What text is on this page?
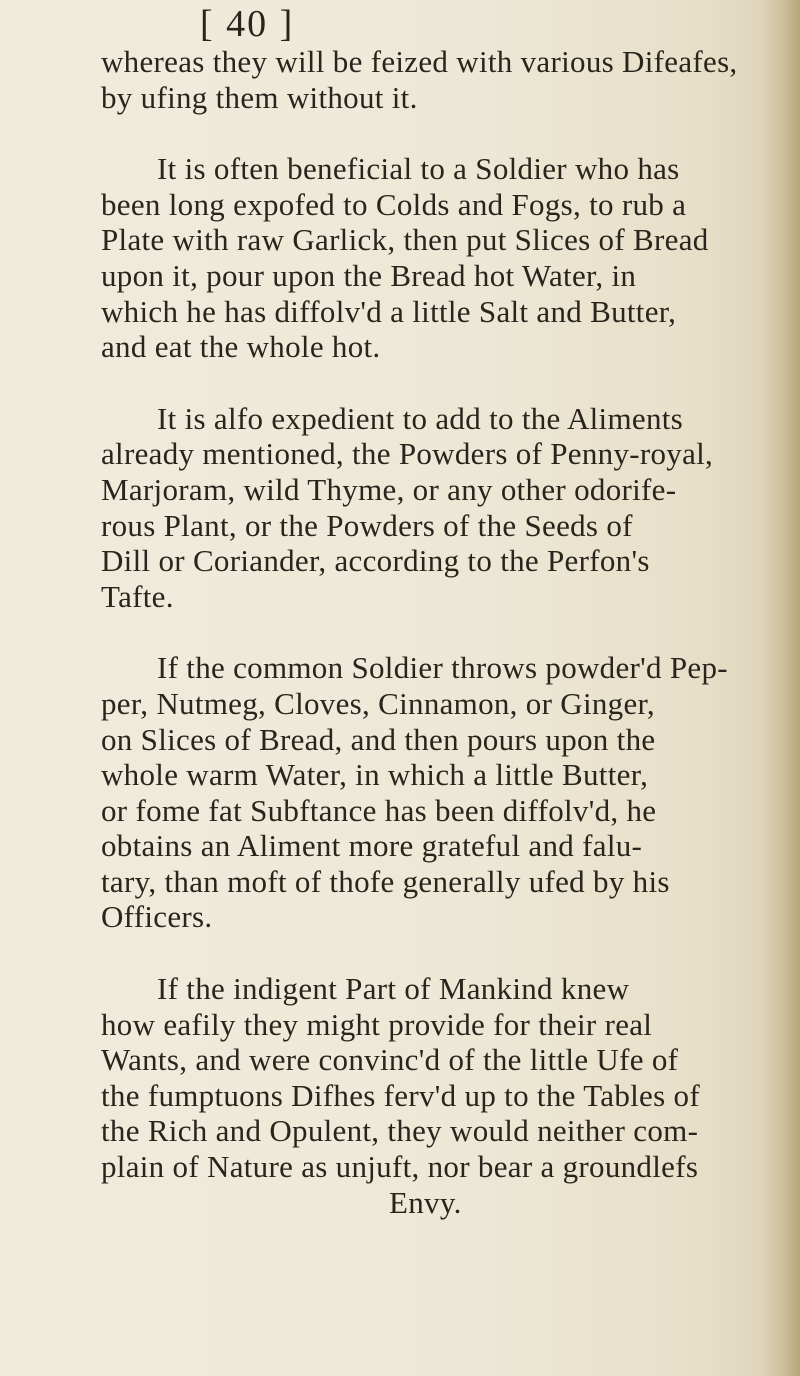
[ 40 ]

whereas they will be feized with various Difeafes,
by ufing them without it.

It is often beneficial to a Soldier who has
been long expofed to Colds and Fogs, to rub a
Plate with raw Garlick, then put Slices of Bread
upon it, pour upon the Bread hot Water, in
which he has diffolv'd a little Salt and Butter,
and eat the whole hot.

It is alfo expedient to add to the Aliments
already mentioned, the Powders of Penny-royal,
Marjoram, wild Thyme, or any other odorife-
rous Plant, or the Powders of the Seeds of
Dill or Coriander, according to the Perfon's
Tafte.

If the common Soldier throws powder'd Pep-
per, Nutmeg, Cloves, Cinnamon, or Ginger,
on Slices of Bread, and then pours upon the
whole warm Water, in which a little Butter,
or fome fat Subftance has been diffolv'd, he
obtains an Aliment more grateful and falu-
tary, than moft of thofe generally ufed by his
Officers.

If the indigent Part of Mankind knew
how eafily they might provide for their real
Wants, and were convinc'd of the little Ufe of
the fumptuons Difhes ferv'd up to the Tables of
the Rich and Opulent, they would neither com-
plain of Nature as unjuft, nor bear a groundlefs
Envy.
